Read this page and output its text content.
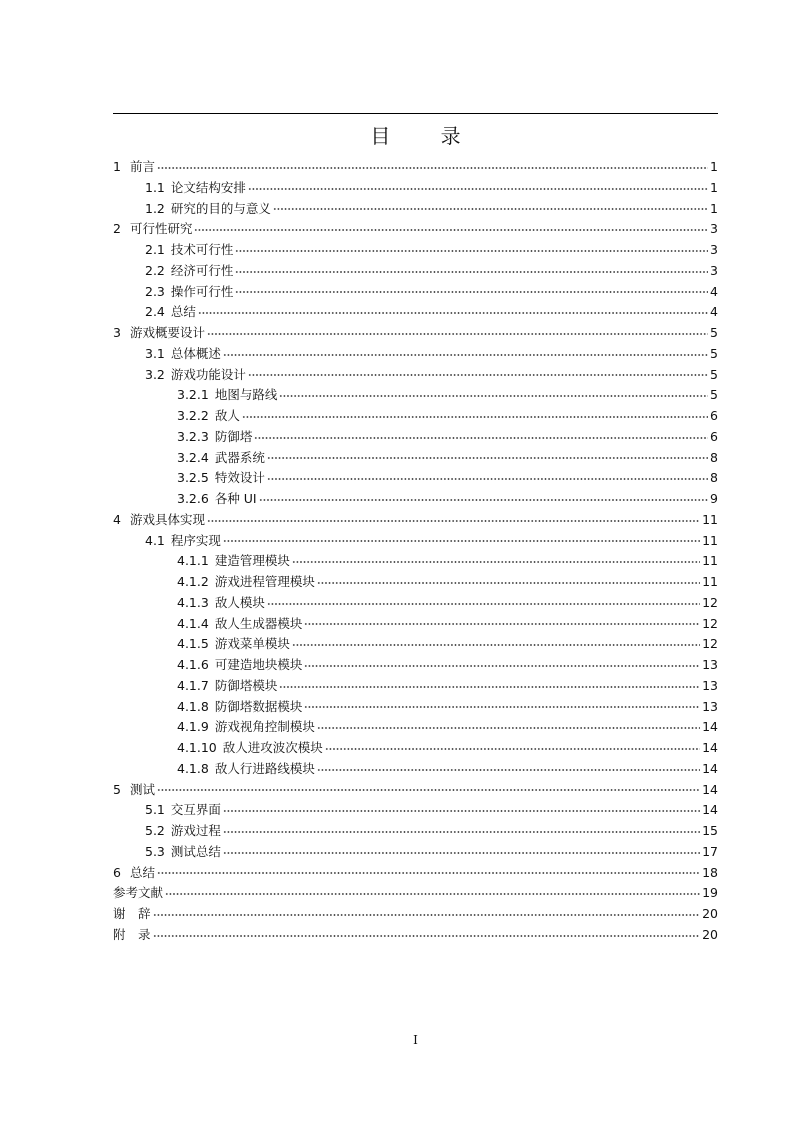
目 录
1 前言	1
1.1 论文结构安排	1
1.2 研究的目的与意义	1
2 可行性研究	3
2.1 技术可行性	3
2.2 经济可行性	3
2.3 操作可行性	4
2.4 总结	4
3 游戏概要设计	5
3.1 总体概述	5
3.2 游戏功能设计	5
3.2.1 地图与路线	5
3.2.2 敌人	6
3.2.3 防御塔	6
3.2.4 武器系统	8
3.2.5 特效设计	8
3.2.6 各种 UI	9
4 游戏具体实现	11
4.1 程序实现	11
4.1.1 建造管理模块	11
4.1.2 游戏进程管理模块	11
4.1.3 敌人模块	12
4.1.4 敌人生成器模块	12
4.1.5 游戏菜单模块	12
4.1.6 可建造地块模块	13
4.1.7 防御塔模块	13
4.1.8 防御塔数据模块	13
4.1.9 游戏视角控制模块	14
4.1.10 敌人进攻波次模块	14
4.1.8 敌人行进路线模块	14
5 测试	14
5.1 交互界面	14
5.2 游戏过程	15
5.3 测试总结	17
6 总结	18
参考文献	19
谢　辞	20
附　录	20
I
